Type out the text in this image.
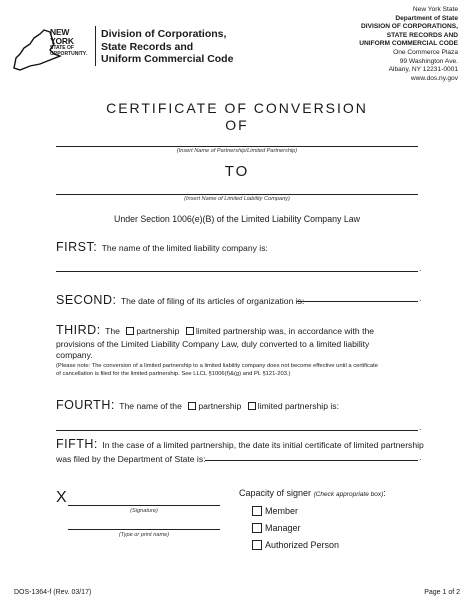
NEW YORK
STATE OF
OPPORTUNITY.
Division of Corporations,
State Records and
Uniform Commercial Code
New York State
Department of State
DIVISION OF CORPORATIONS,
STATE RECORDS AND
UNIFORM COMMERCIAL CODE
One Commerce Plaza
99 Washington Ave.
Albany, NY 12231-0001
www.dos.ny.gov
CERTIFICATE OF CONVERSION
OF
(Insert Name of Partnership/Limited Partnership)
TO
(Insert Name of Limited Liability Company)
Under Section 1006(e)(B) of the Limited Liability Company Law
FIRST: The name of the limited liability company is:
.
SECOND: The date of filing of its articles of organization is:	.
THIRD: The partnership limited partnership was, in accordance with the
provisions of the Limited Liability Company Law, duly converted to a limited liability
company.
(Please note: The conversion of a limited partnership to a limited liability company does not become effective until a certificate
of cancellation is filed for the limited partnership. See LLCL §1006(f)&(g) and PL §121-203.)
FOURTH: The name of the partnership limited partnership is:
.
FIFTH: In the case of a limited partnership, the date its initial certificate of limited partnership
was filed by the Department of State is:	.
X
(Signature)
(Type or print name)
Capacity of signer (Check appropriate box):
Member
Manager
Authorized Person
DOS-1364-f (Rev. 03/17)	Page 1 of 2
